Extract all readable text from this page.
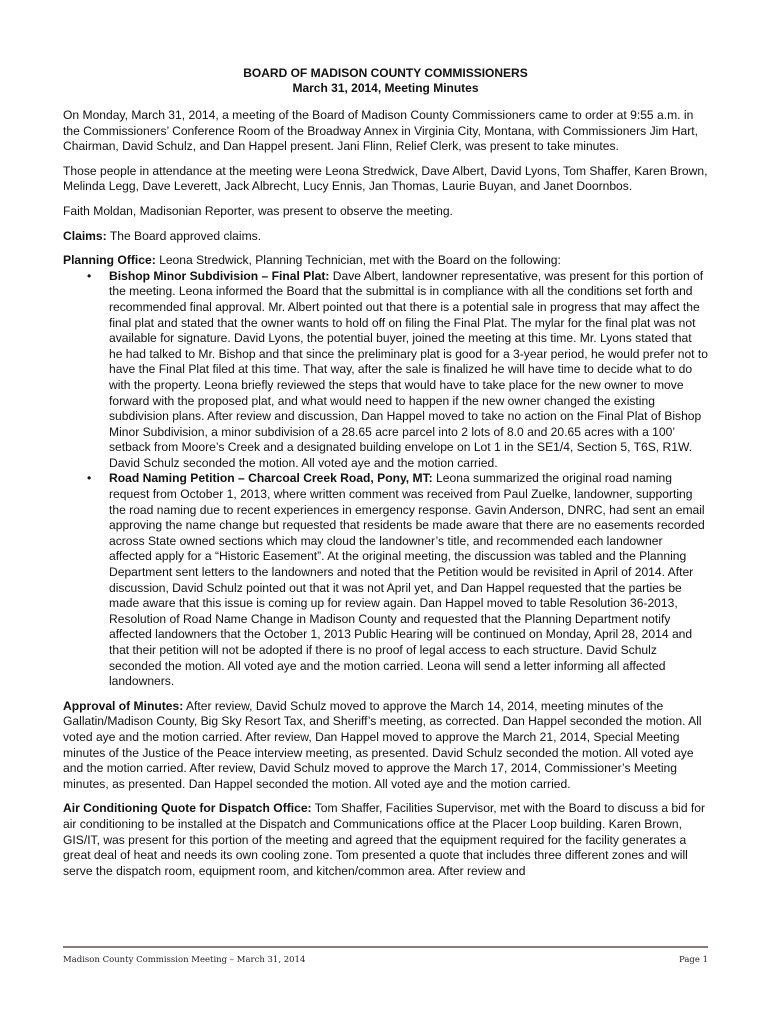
BOARD OF MADISON COUNTY COMMISSIONERS

March 31, 2014, Meeting Minutes

On Monday, March 31, 2014, a meeting of the Board of Madison County Commissioners came to order at 9:55 a.m. in the Commissioners’ Conference Room of the Broadway Annex in Virginia City, Montana, with Commissioners Jim Hart, Chairman, David Schulz, and Dan Happel present. Jani Flinn, Relief Clerk, was present to take minutes.

Those people in attendance at the meeting were Leona Stredwick, Dave Albert, David Lyons, Tom Shaffer, Karen Brown, Melinda Legg, Dave Leverett, Jack Albrecht, Lucy Ennis, Jan Thomas, Laurie Buyan, and Janet Doornbos.

Faith Moldan, Madisonian Reporter, was present to observe the meeting.

Claims: The Board approved claims.

Planning Office: Leona Stredwick, Planning Technician, met with the Board on the following:

• Bishop Minor Subdivision – Final Plat: Dave Albert, landowner representative, was present for this portion of the meeting. Leona informed the Board that the submittal is in compliance with all the conditions set forth and recommended final approval. Mr. Albert pointed out that there is a potential sale in progress that may affect the final plat and stated that the owner wants to hold off on filing the Final Plat. The mylar for the final plat was not available for signature. David Lyons, the potential buyer, joined the meeting at this time. Mr. Lyons stated that he had talked to Mr. Bishop and that since the preliminary plat is good for a 3-year period, he would prefer not to have the Final Plat filed at this time. That way, after the sale is finalized he will have time to decide what to do with the property. Leona briefly reviewed the steps that would have to take place for the new owner to move forward with the proposed plat, and what would need to happen if the new owner changed the existing subdivision plans. After review and discussion, Dan Happel moved to take no action on the Final Plat of Bishop Minor Subdivision, a minor subdivision of a 28.65 acre parcel into 2 lots of 8.0 and 20.65 acres with a 100’ setback from Moore’s Creek and a designated building envelope on Lot 1 in the SE1/4, Section 5, T6S, R1W. David Schulz seconded the motion. All voted aye and the motion carried.
• Road Naming Petition – Charcoal Creek Road, Pony, MT: Leona summarized the original road naming request from October 1, 2013, where written comment was received from Paul Zuelke, landowner, supporting the road naming due to recent experiences in emergency response. Gavin Anderson, DNRC, had sent an email approving the name change but requested that residents be made aware that there are no easements recorded across State owned sections which may cloud the landowner’s title, and recommended each landowner affected apply for a “Historic Easement”. At the original meeting, the discussion was tabled and the Planning Department sent letters to the landowners and noted that the Petition would be revisited in April of 2014. After discussion, David Schulz pointed out that it was not April yet, and Dan Happel requested that the parties be made aware that this issue is coming up for review again. Dan Happel moved to table Resolution 36-2013, Resolution of Road Name Change in Madison County and requested that the Planning Department notify affected landowners that the October 1, 2013 Public Hearing will be continued on Monday, April 28, 2014 and that their petition will not be adopted if there is no proof of legal access to each structure. David Schulz seconded the motion. All voted aye and the motion carried. Leona will send a letter informing all affected landowners.

Approval of Minutes: After review, David Schulz moved to approve the March 14, 2014, meeting minutes of the Gallatin/Madison County, Big Sky Resort Tax, and Sheriff’s meeting, as corrected. Dan Happel seconded the motion. All voted aye and the motion carried. After review, Dan Happel moved to approve the March 21, 2014, Special Meeting minutes of the Justice of the Peace interview meeting, as presented. David Schulz seconded the motion. All voted aye and the motion carried. After review, David Schulz moved to approve the March 17, 2014, Commissioner’s Meeting minutes, as presented. Dan Happel seconded the motion. All voted aye and the motion carried.

Air Conditioning Quote for Dispatch Office: Tom Shaffer, Facilities Supervisor, met with the Board to discuss a bid for air conditioning to be installed at the Dispatch and Communications office at the Placer Loop building. Karen Brown, GIS/IT, was present for this portion of the meeting and agreed that the equipment required for the facility generates a great deal of heat and needs its own cooling zone. Tom presented a quote that includes three different zones and will serve the dispatch room, equipment room, and kitchen/common area. After review and

Madison County Commission Meeting – March 31, 2014	Page 1
